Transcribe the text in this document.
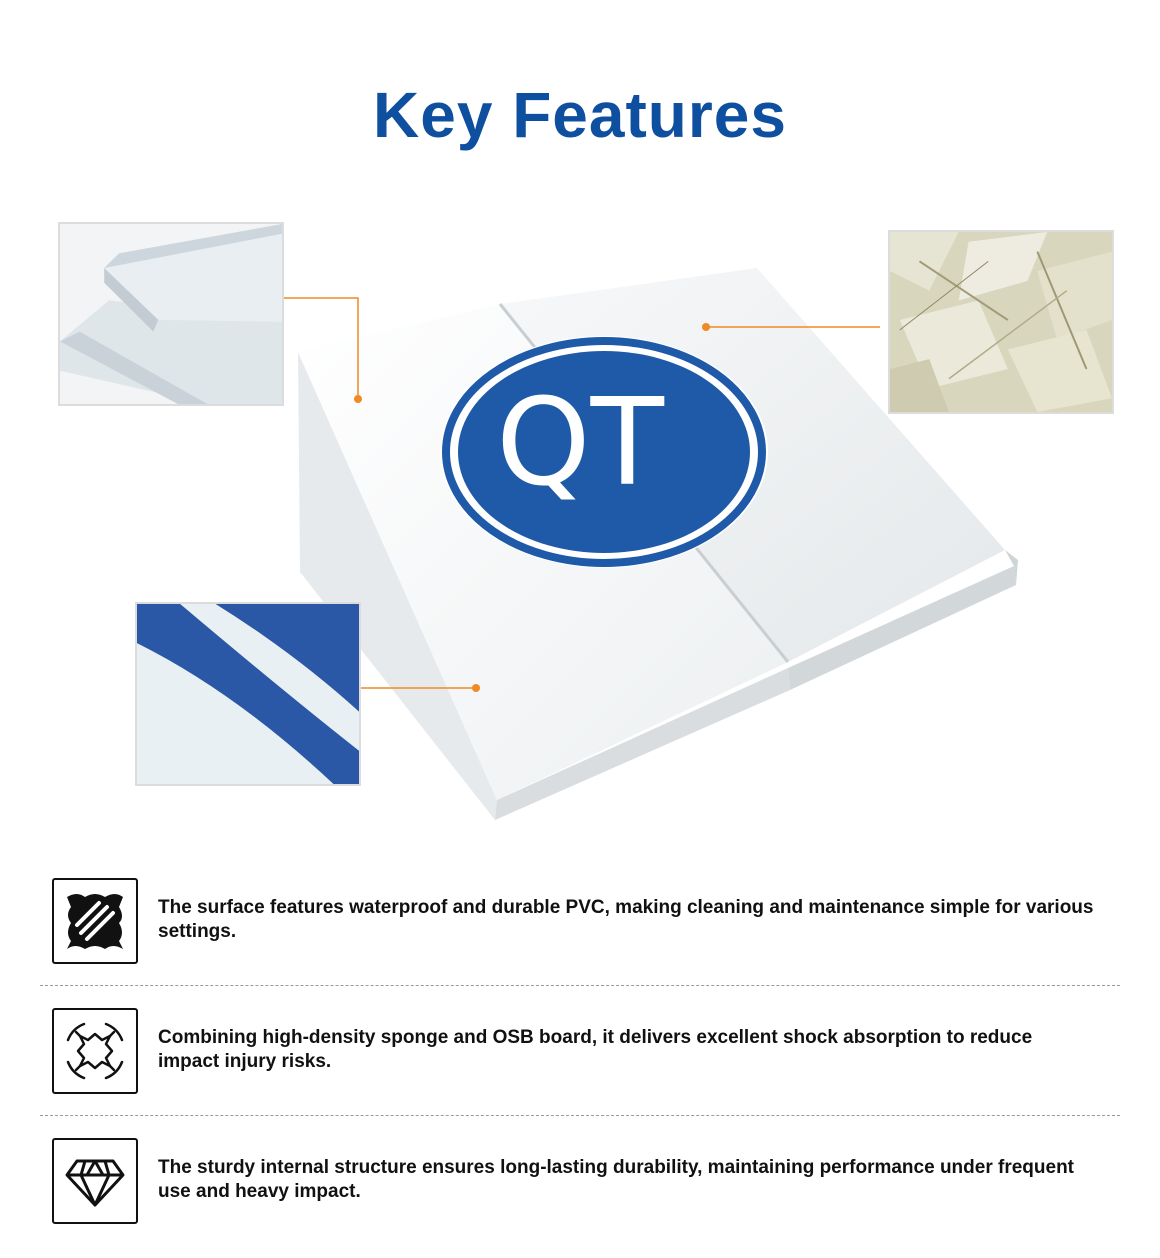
Key Features
QT
The surface features waterproof and durable PVC, making cleaning and maintenance simple for various settings.
Combining high-density sponge and OSB board, it delivers excellent shock absorption to reduce impact injury risks.
The sturdy internal structure ensures long-lasting durability, maintaining performance under frequent use and heavy impact.
